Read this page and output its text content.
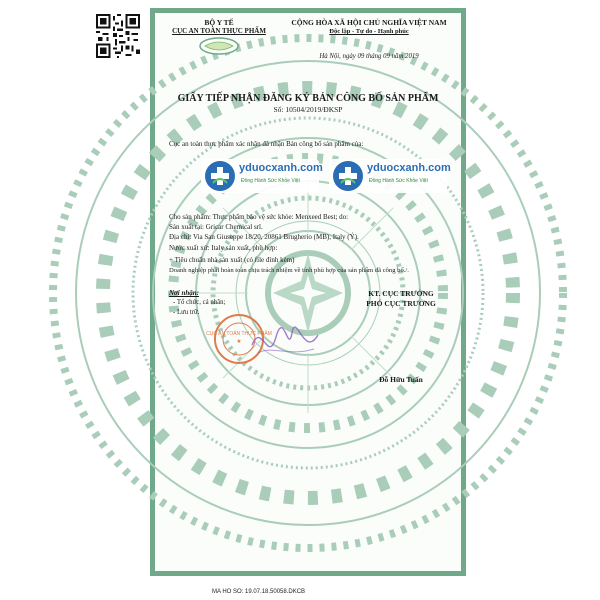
BỘ Y TẾ
CỤC AN TOÀN THỰC PHẨM
CỘNG HÒA XÃ HỘI CHỦ NGHĨA VIỆT NAM
Độc lập - Tự do - Hạnh phúc
Hà Nội, ngày 09 tháng 09 năm 2019
GIẤY TIẾP NHẬN ĐĂNG KÝ BẢN CÔNG BỐ SẢN PHẨM
Số: 10504/2019/ĐKSP
Cục an toàn thực phẩm xác nhận đã nhận Bản công bố sản phẩm của:
Cho sản phẩm: Thực phẩm bảo vệ sức khỏe: Menxeed Best; do:
Sản xuất tại: Gricar Chemical srl.
Địa chỉ: Via San Giuseppe 18/20, 20861 Brugherio (MB), Italy (Ý).
Nước xuất xứ: Italy sản xuất, phù hợp:
+ Tiêu chuẩn nhà sản xuất (có file đính kèm)
Doanh nghiệp phải hoàn toàn chịu trách nhiệm về tính phù hợp của sản phẩm đã công bố./.
Nơi nhận:
- Tổ chức, cá nhân;
- Lưu trữ.
KT. CỤC TRƯỞNG
PHÓ CỤC TRƯỞNG
Đỗ Hữu Tuấn
yduocxanh.com
Đồng Hành Sức Khỏe Việt
yduocxanh.com
Đồng Hành Sức Khỏe Việt
CỤC AN TOÀN THỰC PHẨM
★
MA HO SO: 19.07.18.50058.DKCB
